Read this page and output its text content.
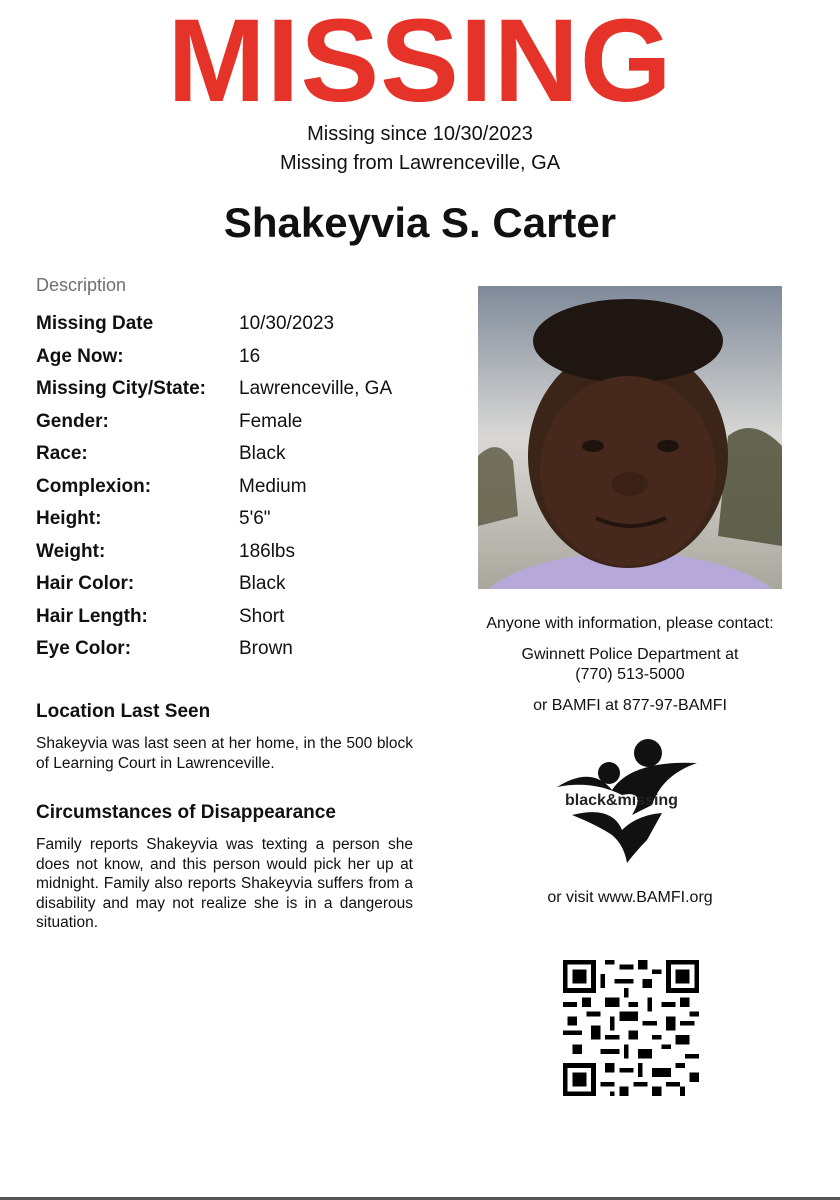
MISSING
Missing since 10/30/2023
Missing from Lawrenceville, GA
Shakeyvia S. Carter
Description
Missing Date	10/30/2023
Age Now:	16
Missing City/State: Lawrenceville, GA
Gender:	Female
Race:	Black
Complexion:	Medium
Height:	5'6"
Weight:	186lbs
Hair Color:	Black
Hair Length:	Short
Eye Color:	Brown
Location Last Seen
Shakeyvia was last seen at her home, in the 500 block of Learning Court in Lawrenceville.
Circumstances of Disappearance
Family reports Shakeyvia was texting a person she does not know, and this person would pick her up at midnight. Family also reports Shakeyvia suffers from a disability and may not realize she is in a dangerous situation.
Anyone with information, please contact:
Gwinnett Police Department at
(770) 513-5000
or BAMFI at 877-97-BAMFI
black&missing
or visit www.BAMFI.org
